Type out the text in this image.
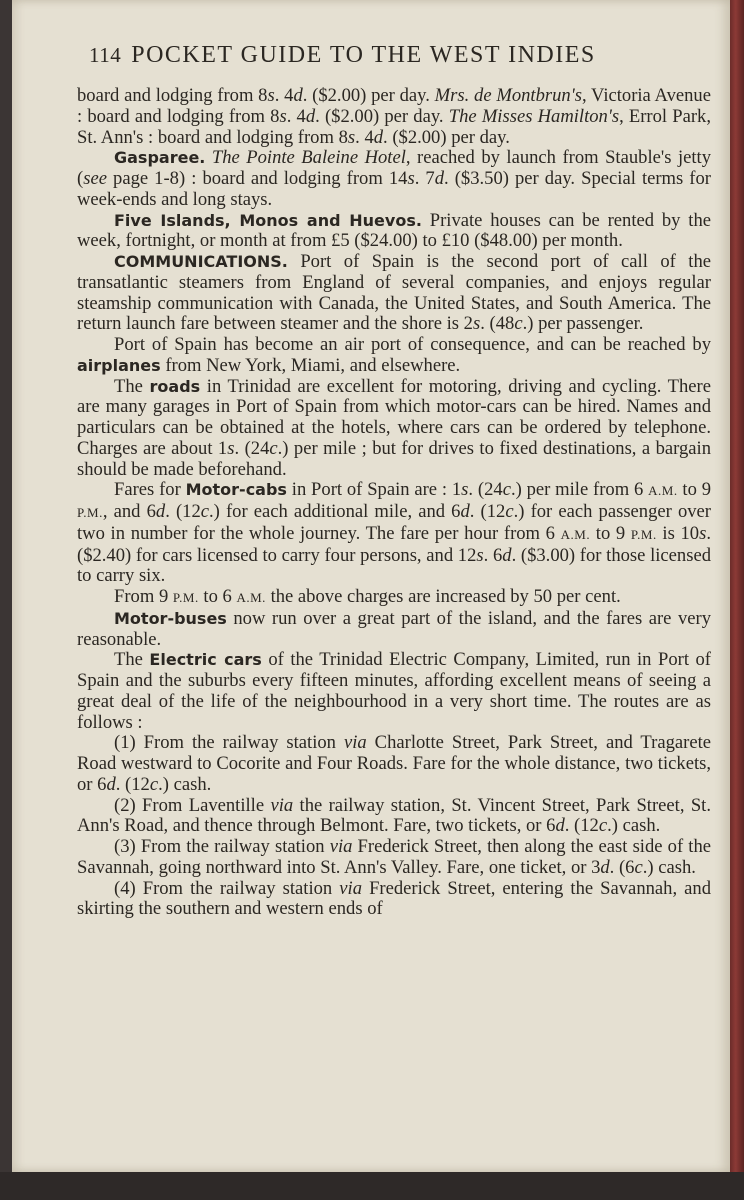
114 POCKET GUIDE TO THE WEST INDIES

board and lodging from 8s. 4d. ($2.00) per day. Mrs. de Montbrun's, Victoria Avenue : board and lodging from 8s. 4d. ($2.00) per day. The Misses Hamilton's, Errol Park, St. Ann's : board and lodging from 8s. 4d. ($2.00) per day.

Gasparee. The Pointe Baleine Hotel, reached by launch from Stauble's jetty (see page 1-8) : board and lodging from 14s. 7d. ($3.50) per day. Special terms for week-ends and long stays.

Five Islands, Monos and Huevos. Private houses can be rented by the week, fortnight, or month at from £5 ($24.00) to £10 ($48.00) per month.

COMMUNICATIONS. Port of Spain is the second port of call of the transatlantic steamers from England of several companies, and enjoys regular steamship communication with Canada, the United States, and South America. The return launch fare between steamer and the shore is 2s. (48c.) per passenger.

Port of Spain has become an air port of consequence, and can be reached by airplanes from New York, Miami, and elsewhere.

The roads in Trinidad are excellent for motoring, driving and cycling. There are many garages in Port of Spain from which motor-cars can be hired. Names and particulars can be obtained at the hotels, where cars can be ordered by telephone. Charges are about 1s. (24c.) per mile ; but for drives to fixed destinations, a bargain should be made beforehand.

Fares for Motor-cabs in Port of Spain are : 1s. (24c.) per mile from 6 A.M. to 9 P.M., and 6d. (12c.) for each additional mile, and 6d. (12c.) for each passenger over two in number for the whole journey. The fare per hour from 6 A.M. to 9 P.M. is 10s. ($2.40) for cars licensed to carry four persons, and 12s. 6d. ($3.00) for those licensed to carry six.

From 9 P.M. to 6 A.M. the above charges are increased by 50 per cent.

Motor-buses now run over a great part of the island, and the fares are very reasonable.

The Electric cars of the Trinidad Electric Company, Limited, run in Port of Spain and the suburbs every fifteen minutes, affording excellent means of seeing a great deal of the life of the neighbourhood in a very short time. The routes are as follows :

(1) From the railway station via Charlotte Street, Park Street, and Tragarete Road westward to Cocorite and Four Roads. Fare for the whole distance, two tickets, or 6d. (12c.) cash.

(2) From Laventille via the railway station, St. Vincent Street, Park Street, St. Ann's Road, and thence through Belmont. Fare, two tickets, or 6d. (12c.) cash.

(3) From the railway station via Frederick Street, then along the east side of the Savannah, going northward into St. Ann's Valley. Fare, one ticket, or 3d. (6c.) cash.

(4) From the railway station via Frederick Street, entering the Savannah, and skirting the southern and western ends of
